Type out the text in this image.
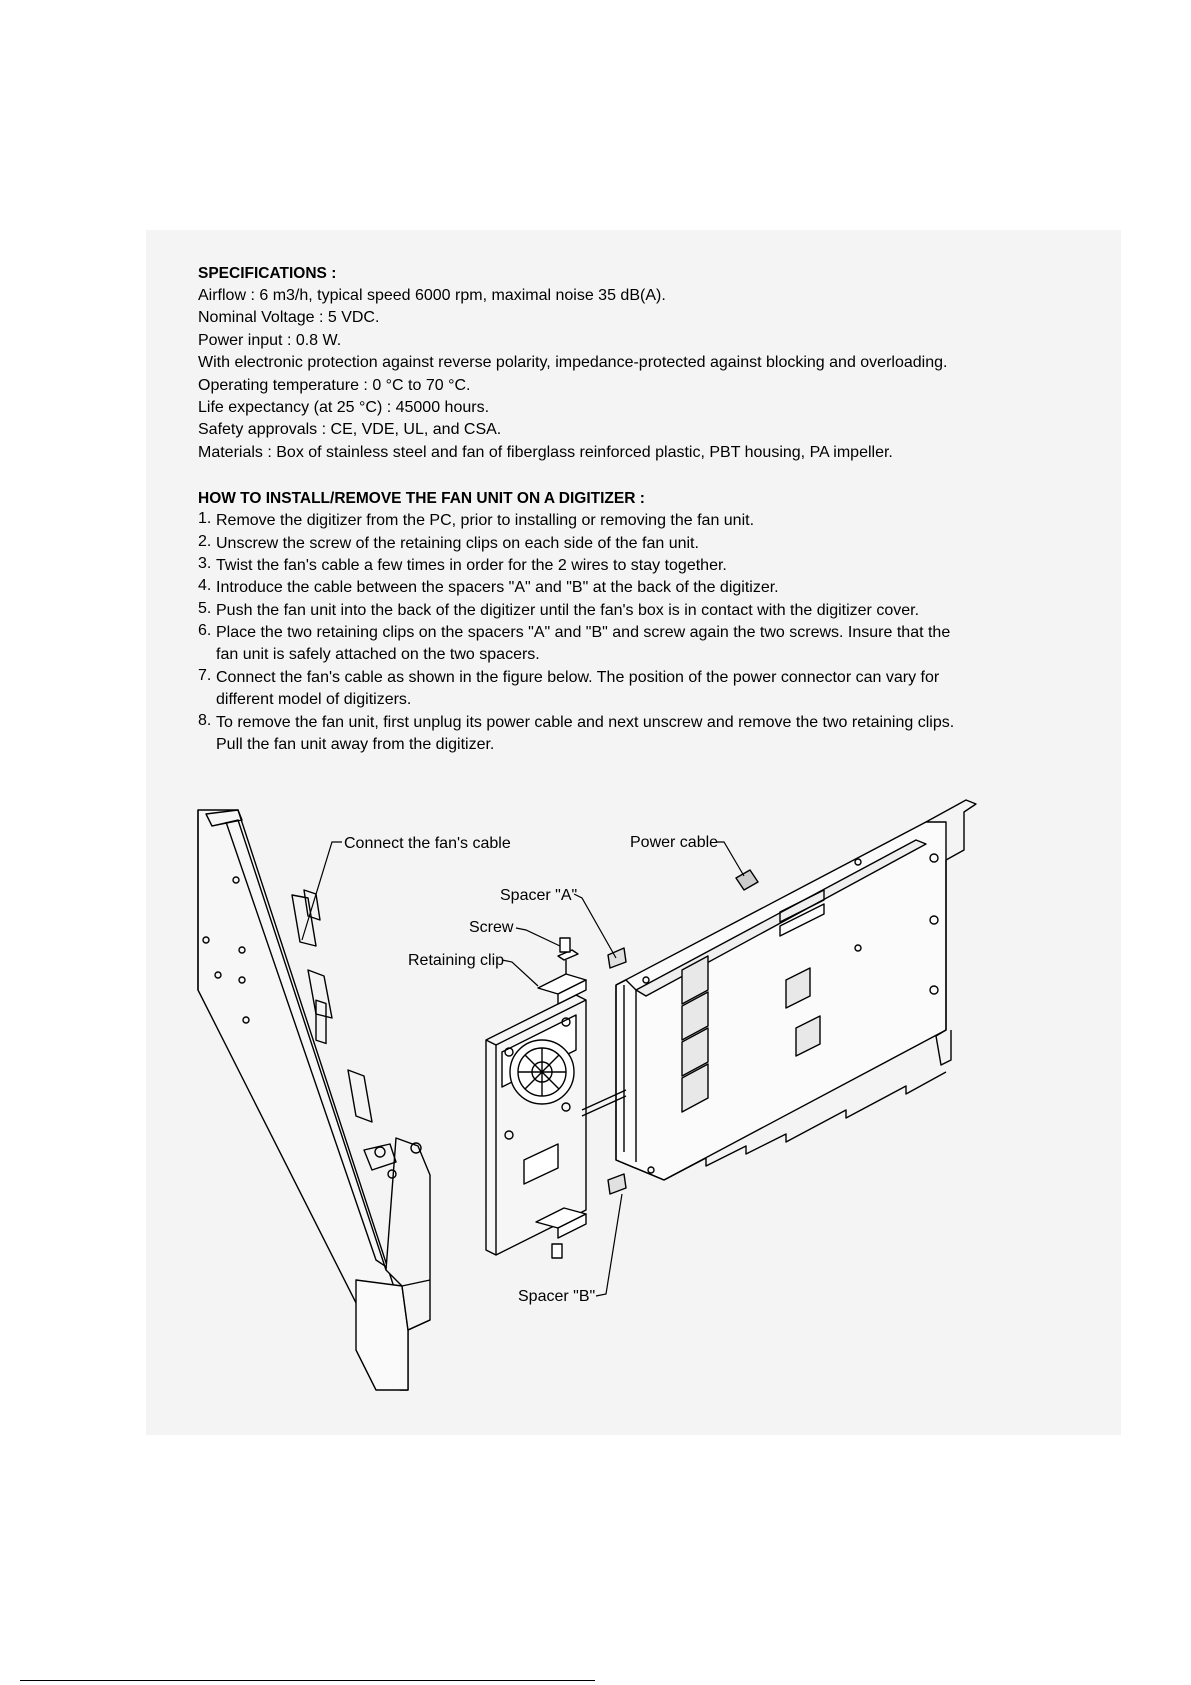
SPECIFICATIONS :
Airflow : 6 m3/h, typical speed 6000 rpm, maximal noise 35 dB(A).
Nominal Voltage : 5 VDC.
Power input : 0.8 W.
With electronic protection against reverse polarity, impedance-protected against blocking and overloading.
Operating temperature : 0 °C to 70 °C.
Life expectancy (at 25 °C) : 45000 hours.
Safety approvals : CE, VDE, UL, and CSA.
Materials : Box of stainless steel and fan of fiberglass reinforced plastic, PBT housing, PA impeller.
HOW TO INSTALL/REMOVE THE FAN UNIT ON A DIGITIZER :
1. Remove the digitizer from the PC, prior to installing or removing the fan unit.
2. Unscrew the screw of the retaining clips on each side of the fan unit.
3. Twist the fan's cable a few times in order for the 2 wires to stay together.
4. Introduce the cable between the spacers "A" and "B" at the back of the digitizer.
5. Push the fan unit into the back of the digitizer until the fan's box is in contact with the digitizer cover.
6. Place the two retaining clips on the spacers "A" and "B" and screw again the two screws. Insure that the
fan unit is safely attached on the two spacers.
7. Connect the fan's cable as shown in the figure below. The position of the power connector can vary for
different model of digitizers.
8. To remove the fan unit, first unplug its power cable and next unscrew and remove the two retaining clips.
Pull the fan unit away from the digitizer.
Connect the fan's cable	Power cable
Spacer "A"
Screw
Retaining clip
Spacer "B"
